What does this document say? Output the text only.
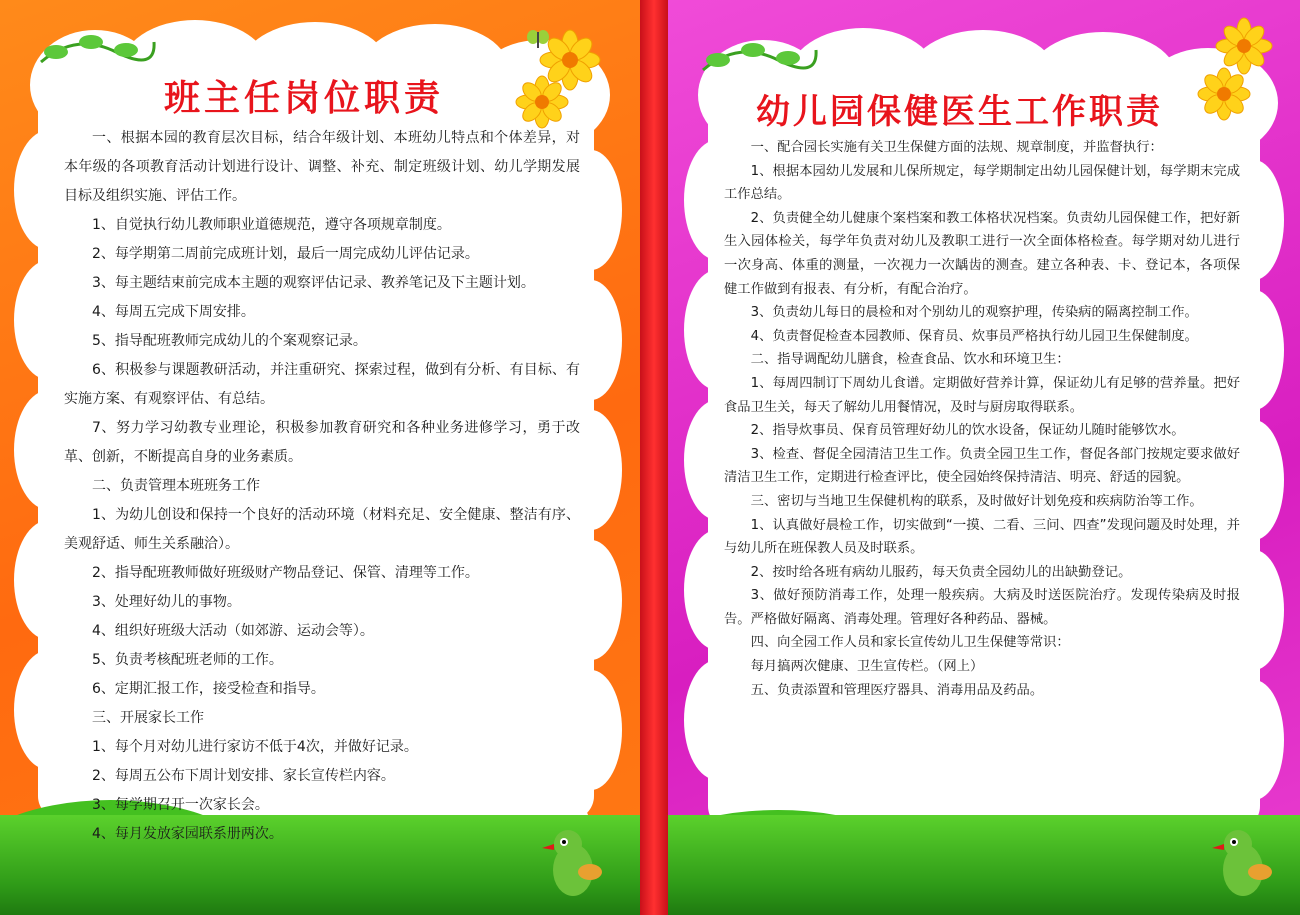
班主任岗位职责

一、根据本园的教育层次目标，结合年级计划、本班幼儿特点和个体差异，对本年级的各项教育活动计划进行设计、调整、补充、制定班级计划、幼儿学期发展目标及组织实施、评估工作。

1、自觉执行幼儿教师职业道德规范，遵守各项规章制度。

2、每学期第二周前完成班计划，最后一周完成幼儿评估记录。

3、每主题结束前完成本主题的观察评估记录、教养笔记及下主题计划。

4、每周五完成下周安排。

5、指导配班教师完成幼儿的个案观察记录。

6、积极参与课题教研活动，并注重研究、探索过程，做到有分析、有目标、有实施方案、有观察评估、有总结。

7、努力学习幼教专业理论，积极参加教育研究和各种业务进修学习，勇于改革、创新，不断提高自身的业务素质。

二、负责管理本班班务工作

1、为幼儿创设和保持一个良好的活动环境（材料充足、安全健康、整洁有序、美观舒适、师生关系融洽）。

2、指导配班教师做好班级财产物品登记、保管、清理等工作。

3、处理好幼儿的事物。

4、组织好班级大活动（如郊游、运动会等）。

5、负责考核配班老师的工作。

6、定期汇报工作，接受检查和指导。

三、开展家长工作

1、每个月对幼儿进行家访不低于4次，并做好记录。

2、每周五公布下周计划安排、家长宣传栏内容。

3、每学期召开一次家长会。

4、每月发放家园联系册两次。

幼儿园保健医生工作职责

一、配合园长实施有关卫生保健方面的法规、规章制度，并监督执行：

1、根据本园幼儿发展和儿保所规定，每学期制定出幼儿园保健计划，每学期末完成工作总结。

2、负责健全幼儿健康个案档案和教工体格状况档案。负责幼儿园保健工作，把好新生入园体检关，每学年负责对幼儿及教职工进行一次全面体格检查。每学期对幼儿进行一次身高、体重的测量，一次视力一次龋齿的测查。建立各种表、卡、登记本，各项保健工作做到有报表、有分析，有配合治疗。

3、负责幼儿每日的晨检和对个别幼儿的观察护理，传染病的隔离控制工作。

4、负责督促检查本园教师、保育员、炊事员严格执行幼儿园卫生保健制度。

二、指导调配幼儿膳食，检查食品、饮水和环境卫生：

1、每周四制订下周幼儿食谱。定期做好营养计算，保证幼儿有足够的营养量。把好食品卫生关，每天了解幼儿用餐情况，及时与厨房取得联系。

2、指导炊事员、保育员管理好幼儿的饮水设备，保证幼儿随时能够饮水。

3、检查、督促全园清洁卫生工作。负责全园卫生工作，督促各部门按规定要求做好清洁卫生工作，定期进行检查评比，使全园始终保持清洁、明亮、舒适的园貌。

三、密切与当地卫生保健机构的联系，及时做好计划免疫和疾病防治等工作。

1、认真做好晨检工作，切实做到“一摸、二看、三问、四查”发现问题及时处理，并与幼儿所在班保教人员及时联系。

2、按时给各班有病幼儿服药，每天负责全园幼儿的出缺勤登记。

3、做好预防消毒工作，处理一般疾病。大病及时送医院治疗。发现传染病及时报告。严格做好隔离、消毒处理。管理好各种药品、器械。

四、向全园工作人员和家长宣传幼儿卫生保健等常识：

每月搞两次健康、卫生宣传栏。（网上）

五、负责添置和管理医疗器具、消毒用品及药品。
